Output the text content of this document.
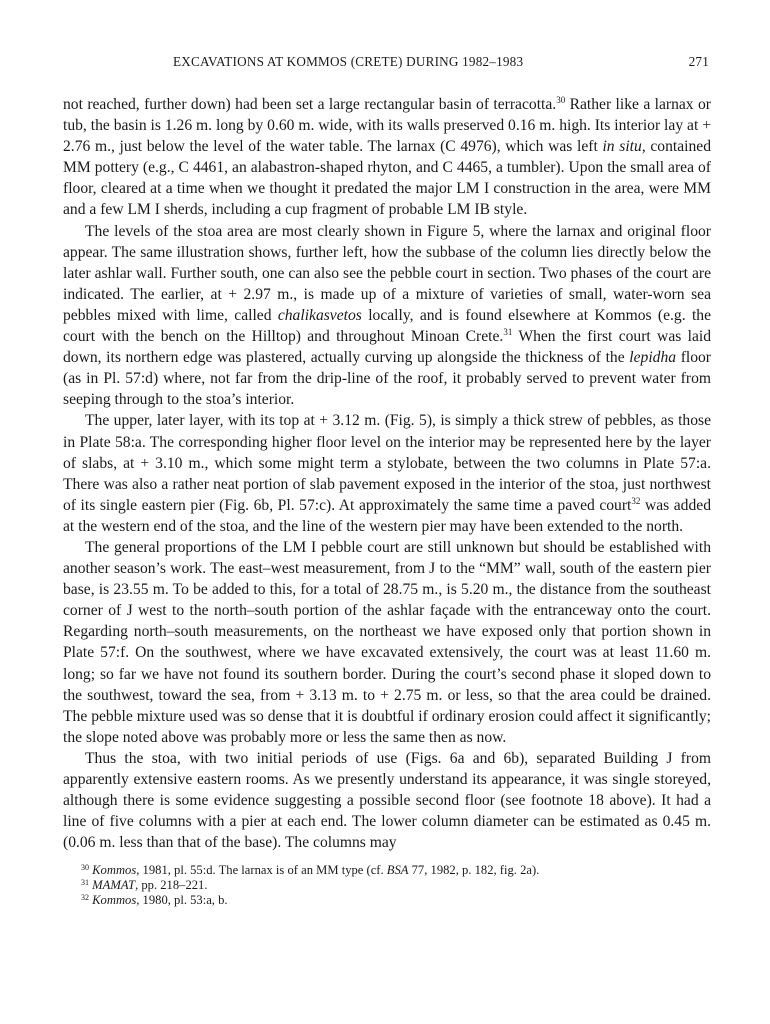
EXCAVATIONS AT KOMMOS (CRETE) DURING 1982–1983	271

not reached, further down) had been set a large rectangular basin of terracotta.$^{30}$ Rather like a larnax or tub, the basin is 1.26 m. long by 0.60 m. wide, with its walls preserved 0.16 m. high. Its interior lay at + 2.76 m., just below the level of the water table. The larnax (C 4976), which was left in situ, contained MM pottery (e.g., C 4461, an alabastron-shaped rhyton, and C 4465, a tumbler). Upon the small area of floor, cleared at a time when we thought it predated the major LM I construction in the area, were MM and a few LM I sherds, including a cup fragment of probable LM IB style.

The levels of the stoa area are most clearly shown in Figure 5, where the larnax and original floor appear. The same illustration shows, further left, how the subbase of the column lies directly below the later ashlar wall. Further south, one can also see the pebble court in section. Two phases of the court are indicated. The earlier, at + 2.97 m., is made up of a mixture of varieties of small, water-worn sea pebbles mixed with lime, called chalikasvetos locally, and is found elsewhere at Kommos (e.g. the court with the bench on the Hilltop) and throughout Minoan Crete.$^{31}$ When the first court was laid down, its northern edge was plastered, actually curving up alongside the thickness of the lepidha floor (as in Pl. 57:d) where, not far from the drip-line of the roof, it probably served to prevent water from seeping through to the stoa’s interior.

The upper, later layer, with its top at + 3.12 m. (Fig. 5), is simply a thick strew of pebbles, as those in Plate 58:a. The corresponding higher floor level on the interior may be represented here by the layer of slabs, at + 3.10 m., which some might term a stylobate, between the two columns in Plate 57:a. There was also a rather neat portion of slab pavement exposed in the interior of the stoa, just northwest of its single eastern pier (Fig. 6b, Pl. 57:c). At approximately the same time a paved court$^{32}$ was added at the western end of the stoa, and the line of the western pier may have been extended to the north.

The general proportions of the LM I pebble court are still unknown but should be established with another season’s work. The east–west measurement, from J to the “MM” wall, south of the eastern pier base, is 23.55 m. To be added to this, for a total of 28.75 m., is 5.20 m., the distance from the southeast corner of J west to the north–south portion of the ashlar façade with the entranceway onto the court. Regarding north–south measurements, on the northeast we have exposed only that portion shown in Plate 57:f. On the southwest, where we have excavated extensively, the court was at least 11.60 m. long; so far we have not found its southern border. During the court’s second phase it sloped down to the southwest, toward the sea, from + 3.13 m. to + 2.75 m. or less, so that the area could be drained. The pebble mixture used was so dense that it is doubtful if ordinary erosion could affect it significantly; the slope noted above was probably more or less the same then as now.

Thus the stoa, with two initial periods of use (Figs. 6a and 6b), separated Building J from apparently extensive eastern rooms. As we presently understand its appearance, it was single storeyed, although there is some evidence suggesting a possible second floor (see footnote 18 above). It had a line of five columns with a pier at each end. The lower column diameter can be estimated as 0.45 m. (0.06 m. less than that of the base). The columns may

$^{30}$ Kommos, 1981, pl. 55:d. The larnax is of an MM type (cf. BSA 77, 1982, p. 182, fig. 2a).

$^{31}$ MAMAT, pp. 218–221.

$^{32}$ Kommos, 1980, pl. 53:a, b.
